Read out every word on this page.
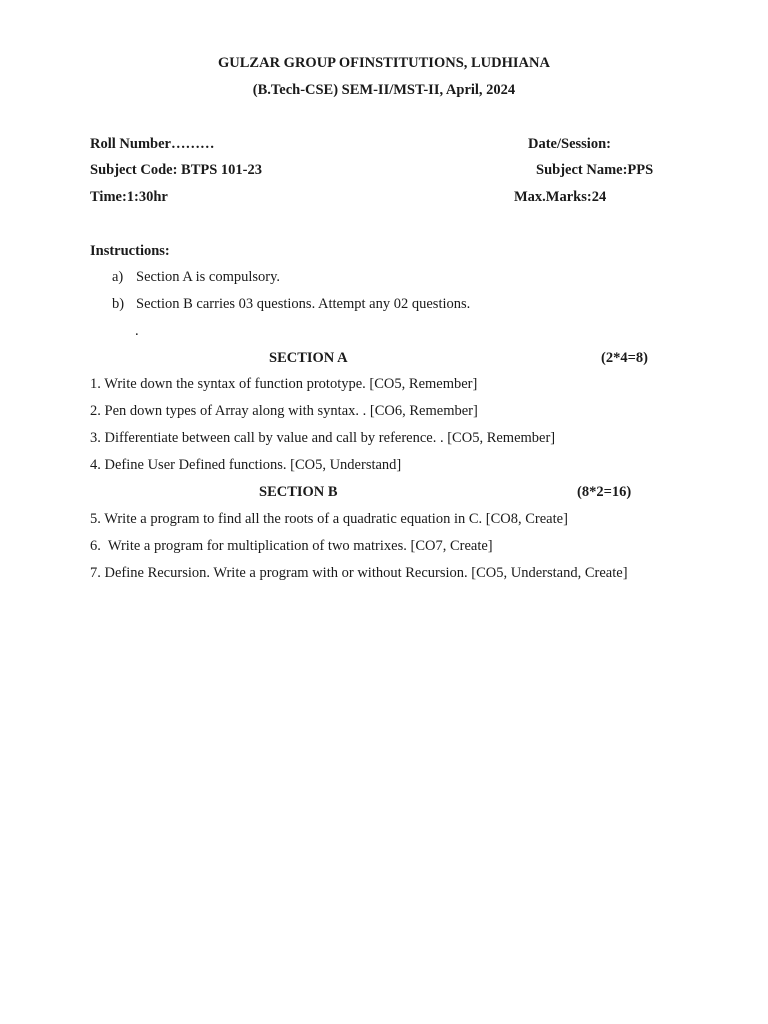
GULZAR GROUP OFINSTITUTIONS, LUDHIANA
(B.Tech-CSE) SEM-II/MST-II, April, 2024
Roll Number………	Date/Session:
Subject Code: BTPS 101-23	Subject Name:PPS
Time:1:30hr	Max.Marks:24
Instructions:
a) Section A is compulsory.
b) Section B carries 03 questions. Attempt any 02 questions.
.
SECTION A	(2*4=8)
1. Write down the syntax of function prototype. [CO5, Remember]
2. Pen down types of Array along with syntax. . [CO6, Remember]
3. Differentiate between call by value and call by reference. . [CO5, Remember]
4. Define User Defined functions. [CO5, Understand]
SECTION B	(8*2=16)
5. Write a program to find all the roots of a quadratic equation in C. [CO8, Create]
6.  Write a program for multiplication of two matrixes. [CO7, Create]
7. Define Recursion. Write a program with or without Recursion. [CO5, Understand, Create]
